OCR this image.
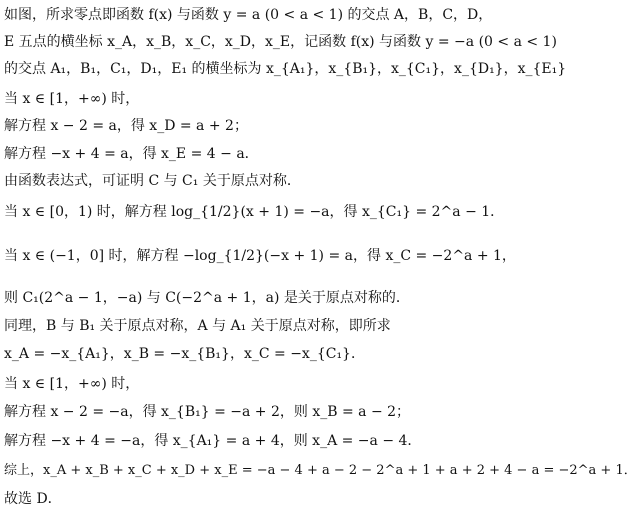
如图，所求零点即函数 f(x) 与函数 y = a (0 < a < 1) 的交点 A，B，C，D，
E 五点的横坐标 x_A，x_B，x_C，x_D，x_E，记函数 f(x) 与函数 y = −a (0 < a < 1)
的交点 A₁，B₁，C₁，D₁，E₁ 的横坐标为 x_{A₁}，x_{B₁}，x_{C₁}，x_{D₁}，x_{E₁}
当 x ∈ [1，+∞) 时，
解方程 x − 2 = a，得 x_D = a + 2；
解方程 −x + 4 = a，得 x_E = 4 − a．
由函数表达式，可证明 C 与 C₁ 关于原点对称．
当 x ∈ [0，1) 时，解方程 log_{1/2}(x + 1) = −a，得 x_{C₁} = 2^a − 1．
当 x ∈ (−1，0] 时，解方程 −log_{1/2}(−x + 1) = a，得 x_C = −2^a + 1，
则 C₁(2^a − 1，−a) 与 C(−2^a + 1，a) 是关于原点对称的．
同理，B 与 B₁ 关于原点对称，A 与 A₁ 关于原点对称，即所求
x_A = −x_{A₁}，x_B = −x_{B₁}，x_C = −x_{C₁}．
当 x ∈ [1，+∞) 时，
解方程 x − 2 = −a，得 x_{B₁} = −a + 2，则 x_B = a − 2；
解方程 −x + 4 = −a，得 x_{A₁} = a + 4，则 x_A = −a − 4．
综上，x_A + x_B + x_C + x_D + x_E = −a − 4 + a − 2 − 2^a + 1 + a + 2 + 4 − a = −2^a + 1．
故选 D．
